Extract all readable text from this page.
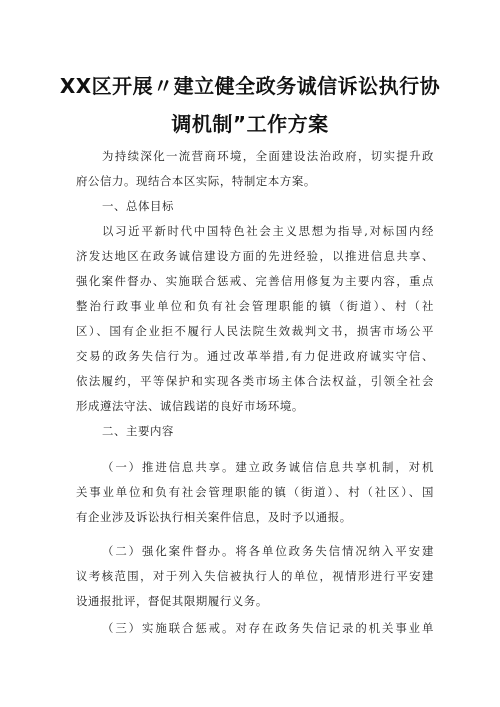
XX区开展〃建立健全政务诚信诉讼执行协
调机制”工作方案
为持续深化一流营商环境，全面建设法治政府，切实提升政
府公信力。现结合本区实际，特制定本方案。
一、总体目标
以习近平新时代中国特色社会主义思想为指导,对标国内经
济发达地区在政务诚信建设方面的先进经验，以推进信息共享、
强化案件督办、实施联合惩戒、完善信用修复为主要内容，重点
整治行政事业单位和负有社会管理职能的镇（街道）、村（社
区）、国有企业拒不履行人民法院生效裁判文书，损害市场公平
交易的政务失信行为。通过改革举措,有力促进政府诚实守信、
依法履约，平等保护和实现各类市场主体合法权益，引领全社会
形成遵法守法、诚信践诺的良好市场环境。
二、主要内容
（一）推进信息共享。建立政务诚信信息共享机制，对机
关事业单位和负有社会管理职能的镇（街道）、村（社区）、国
有企业涉及诉讼执行相关案件信息，及时予以通报。
（二）强化案件督办。将各单位政务失信情况纳入平安建
议考核范围，对于列入失信被执行人的单位，视情形进行平安建
设通报批评，督促其限期履行义务。
（三）实施联合惩戒。对存在政务失信记录的机关事业单
